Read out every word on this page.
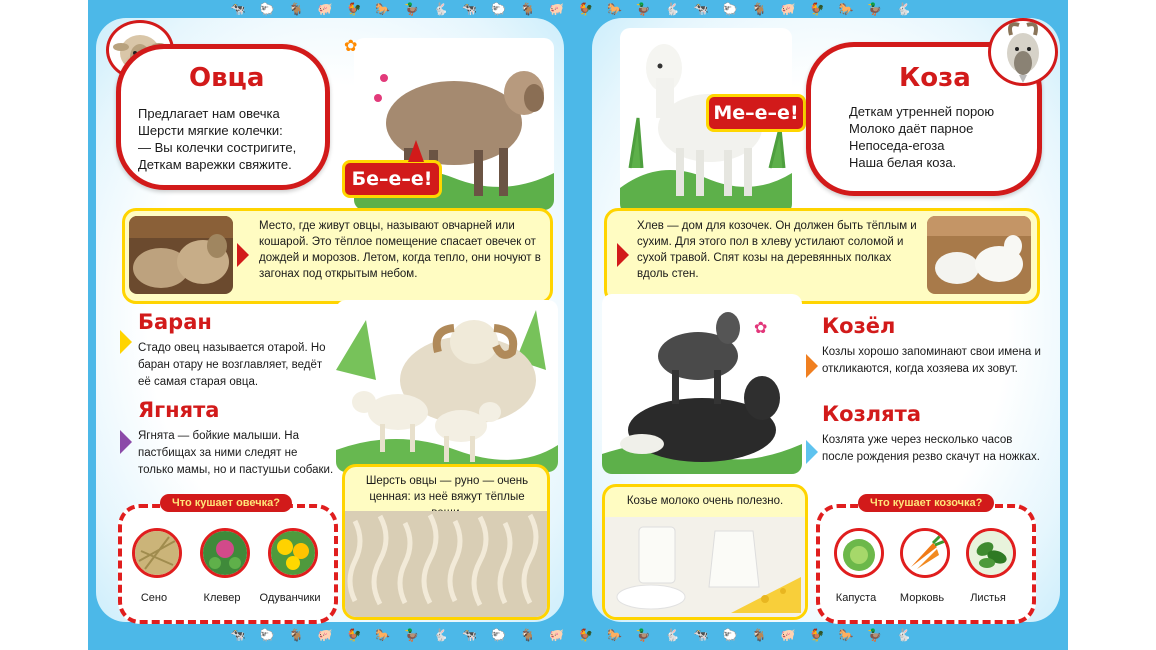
🐄🐑🐐🐖🐓🐎🦆🐇🐄🐑🐐🐖🐓🐎🦆🐇🐄🐑🐐🐖🐓🐎🦆🐇
🐄🐑🐐🐖🐓🐎🦆🐇🐄🐑🐐🐖🐓🐎🦆🐇🐄🐑🐐🐖🐓🐎🦆🐇
Овца
Предлагает нам овечка
Шерсти мягкие колечки:
— Вы колечки состригите,
Деткам варежки свяжите.
✿
Бе–е–е!
Место, где живут овцы, называют овчарней или кошарой. Это тёплое помещение спасает овечек от дождей и морозов. Летом, когда тепло, они ночуют в загонах под открытым небом.
Баран
Стадо овец называется отарой. Но баран отару не возглавляет, ведёт её самая старая овца.
Ягнята
Ягнята — бойкие малыши. На пастбищах за ними следят не только мамы, но и пастушьи собаки.
Шерсть овцы — руно — очень ценная: из неё вяжут тёплые
Что кушает овечка?
Сено	Клевер	Одуванчики
Ме–е–е!
Коза
Деткам утренней порою
Молоко даёт парное
Непоседа-егоза
Наша белая коза.
Хлев — дом для козочек. Он должен быть тёплым и сухим. Для этого пол в хлеву устилают соломой и сухой травой. Спят козы на деревянных полках вдоль стен.
✿	Козёл
Козлы хорошо запоминают свои имена и откликаются, когда хозяева их зовут.
Козлята
Козлята уже через несколько часов после рождения резво скачут на ножках.
Козье молоко очень полезно.	Что кушает козочка?
Капуста	Морковь	Листья
